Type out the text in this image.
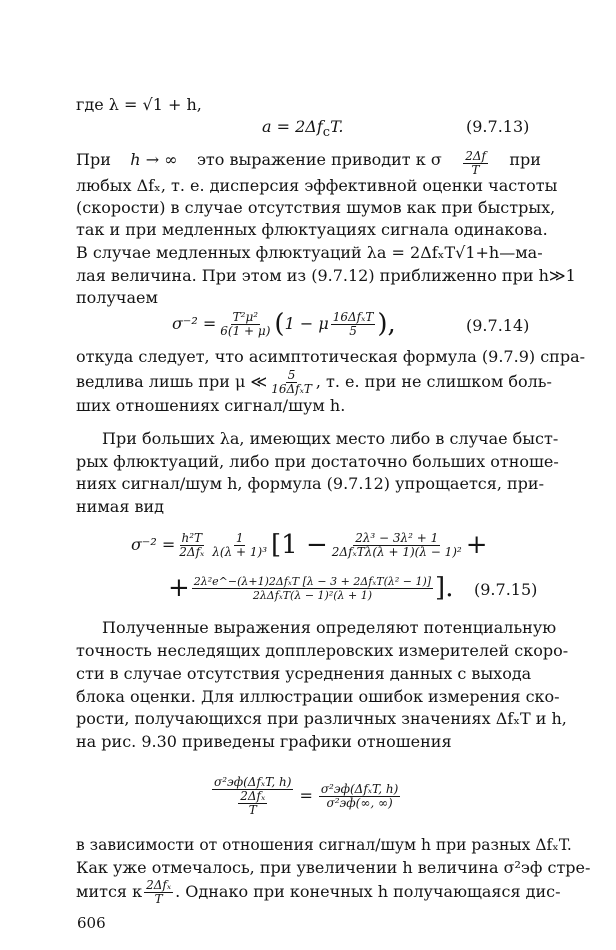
где λ = √1 + h,
$a = 2\Delta f_cT$.	(9.7.13)
При h → ∞ это выражение приводит к σ $\frac{2\Delta f}{T}$ при
любых Δfₓ, т. е. дисперсия эффективной оценки частоты
(скорости) в случае отсутствия шумов как при быстрых,
так и при медленных флюктуациях сигнала одинакова.
В случае медленных флюктуаций λa = 2ΔfₓT√1+h—ма-
лая величина. При этом из (9.7.12) приближенно при h≫1
получаем
$\sigma^{-2} = \frac{\text{T²μ²}}{6(1 + \mu)}$ ( 1 − μ $\frac{\text{16ΔfₓT}}{5}$ ),	(9.7.14)
откуда следует, что асимптотическая формула (9.7.9) спра-
ведлива лишь при μ ≪ $\frac{5}{\text{16ΔfₓT}}$ , т. е. при не слишком боль-
ших отношениях сигнал/шум h.
При больших λa, имеющих место либо в случае быст-
рых флюктуаций, либо при достаточно больших отноше-
ниях сигнал/шум h, формула (9.7.12) упрощается, при-
нимая вид
$\sigma^{-2} = \frac{\text{h²T}}{\text{2Δfₓ}} \frac{1}{\text{λ(λ + 1)³}} [1 - \frac{\text{2λ³ − 3λ² + 1}}{\text{2ΔfₓTλ(λ + 1)(λ − 1)²}}$ +
+ $\frac{\text{2λ²e\textasciicircum{}−(λ+1)2ΔfₓT [λ − 3 + 2ΔfₓT(λ² − 1)]}}{\text{2λΔfₓT(λ − 1)²(λ + 1)}}$ ]. (9.7.15)
Полученные выражения определяют потенциальную
точность неследящих допплеровских измерителей скоро-
сти в случае отсутствия усреднения данных с выхода
блока оценки. Для иллюстрации ошибок измерения ско-
рости, получающихся при различных значениях ΔfₓT и h,
на рис. 9.30 приведены графики отношения
$\frac{\text{σ²эф(ΔfₓT, h)}}{\frac{\text{2Δfₓ}}{T}} = \frac{\text{σ²эф(ΔfₓT, h)}}{\text{σ²эф(∞, ∞)}}$
в зависимости от отношения сигнал/шум h при разных ΔfₓT.
Как уже отмечалось, при увеличении h величина σ²эф стре-
мится к $\frac{\text{2Δfₓ}}{T}$ . Однако при конечных h получающаяся дис-
606
